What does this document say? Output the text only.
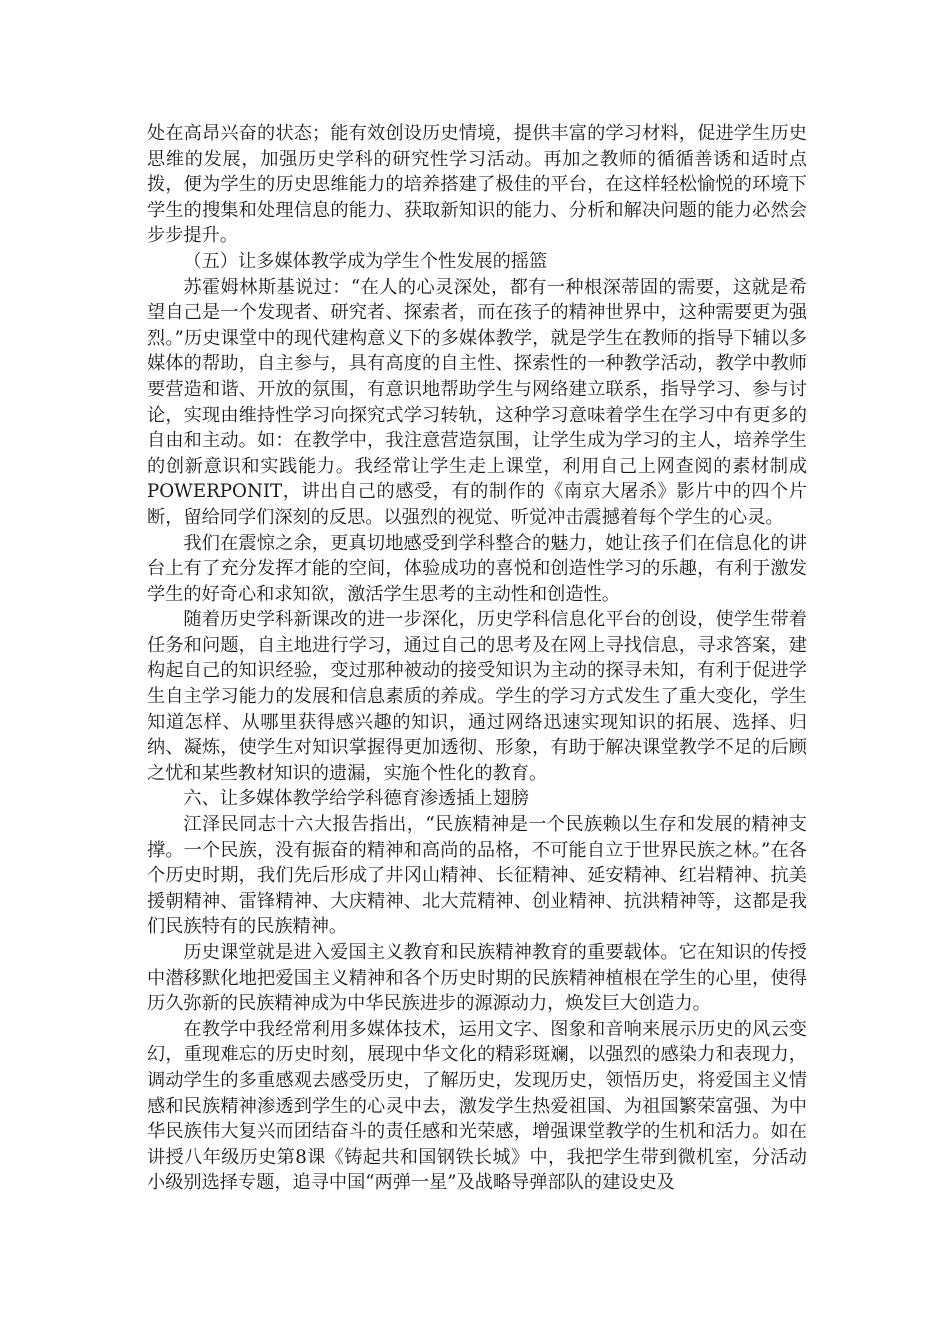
处在高昂兴奋的状态；能有效创设历史情境，提供丰富的学习材料，促进学生历史思维的发展，加强历史学科的研究性学习活动。再加之教师的循循善诱和适时点拨，便为学生的历史思维能力的培养搭建了极佳的平台，在这样轻松愉悦的环境下学生的搜集和处理信息的能力、获取新知识的能力、分析和解决问题的能力必然会步步提升。

（五）让多媒体教学成为学生个性发展的摇篮

苏霍姆林斯基说过：“在人的心灵深处，都有一种根深蒂固的需要，这就是希望自己是一个发现者、研究者、探索者，而在孩子的精神世界中，这种需要更为强烈。”历史课堂中的现代建构意义下的多媒体教学，就是学生在教师的指导下辅以多媒体的帮助，自主参与，具有高度的自主性、探索性的一种教学活动，教学中教师要营造和谐、开放的氛围，有意识地帮助学生与网络建立联系，指导学习、参与讨论，实现由维持性学习向探究式学习转轨，这种学习意味着学生在学习中有更多的自由和主动。如：在教学中，我注意营造氛围，让学生成为学习的主人，培养学生的创新意识和实践能力。我经常让学生走上课堂，利用自己上网查阅的素材制成POWERPONIT，讲出自己的感受，有的制作的《南京大屠杀》影片中的四个片断，留给同学们深刻的反思。以强烈的视觉、听觉冲击震撼着每个学生的心灵。

我们在震惊之余，更真切地感受到学科整合的魅力，她让孩子们在信息化的讲台上有了充分发挥才能的空间，体验成功的喜悦和创造性学习的乐趣，有利于激发学生的好奇心和求知欲，激活学生思考的主动性和创造性。

随着历史学科新课改的进一步深化，历史学科信息化平台的创设，使学生带着任务和问题，自主地进行学习，通过自己的思考及在网上寻找信息，寻求答案，建构起自己的知识经验，变过那种被动的接受知识为主动的探寻未知，有利于促进学生自主学习能力的发展和信息素质的养成。学生的学习方式发生了重大变化，学生知道怎样、从哪里获得感兴趣的知识，通过网络迅速实现知识的拓展、选择、归纳、凝炼，使学生对知识掌握得更加透彻、形象，有助于解决课堂教学不足的后顾之忧和某些教材知识的遗漏，实施个性化的教育。

六、让多媒体教学给学科德育渗透插上翅膀

江泽民同志十六大报告指出，“民族精神是一个民族赖以生存和发展的精神支撑。一个民族，没有振奋的精神和高尚的品格，不可能自立于世界民族之林。”在各个历史时期，我们先后形成了井冈山精神、长征精神、延安精神、红岩精神、抗美援朝精神、雷锋精神、大庆精神、北大荒精神、创业精神、抗洪精神等，这都是我们民族特有的民族精神。

历史课堂就是进入爱国主义教育和民族精神教育的重要载体。它在知识的传授中潜移默化地把爱国主义精神和各个历史时期的民族精神植根在学生的心里，使得历久弥新的民族精神成为中华民族进步的源源动力，焕发巨大创造力。

在教学中我经常利用多媒体技术，运用文字、图象和音响来展示历史的风云变幻，重现难忘的历史时刻，展现中华文化的精彩斑斓，以强烈的感染力和表现力，调动学生的多重感观去感受历史，了解历史，发现历史，领悟历史，将爱国主义情感和民族精神渗透到学生的心灵中去，激发学生热爱祖国、为祖国繁荣富强、为中华民族伟大复兴而团结奋斗的责任感和光荣感，增强课堂教学的生机和活力。如在讲授八年级历史第8课《铸起共和国钢铁长城》中，我把学生带到微机室，分活动小级别选择专题，追寻中国“两弹一星”及战略导弹部队的建设史及
